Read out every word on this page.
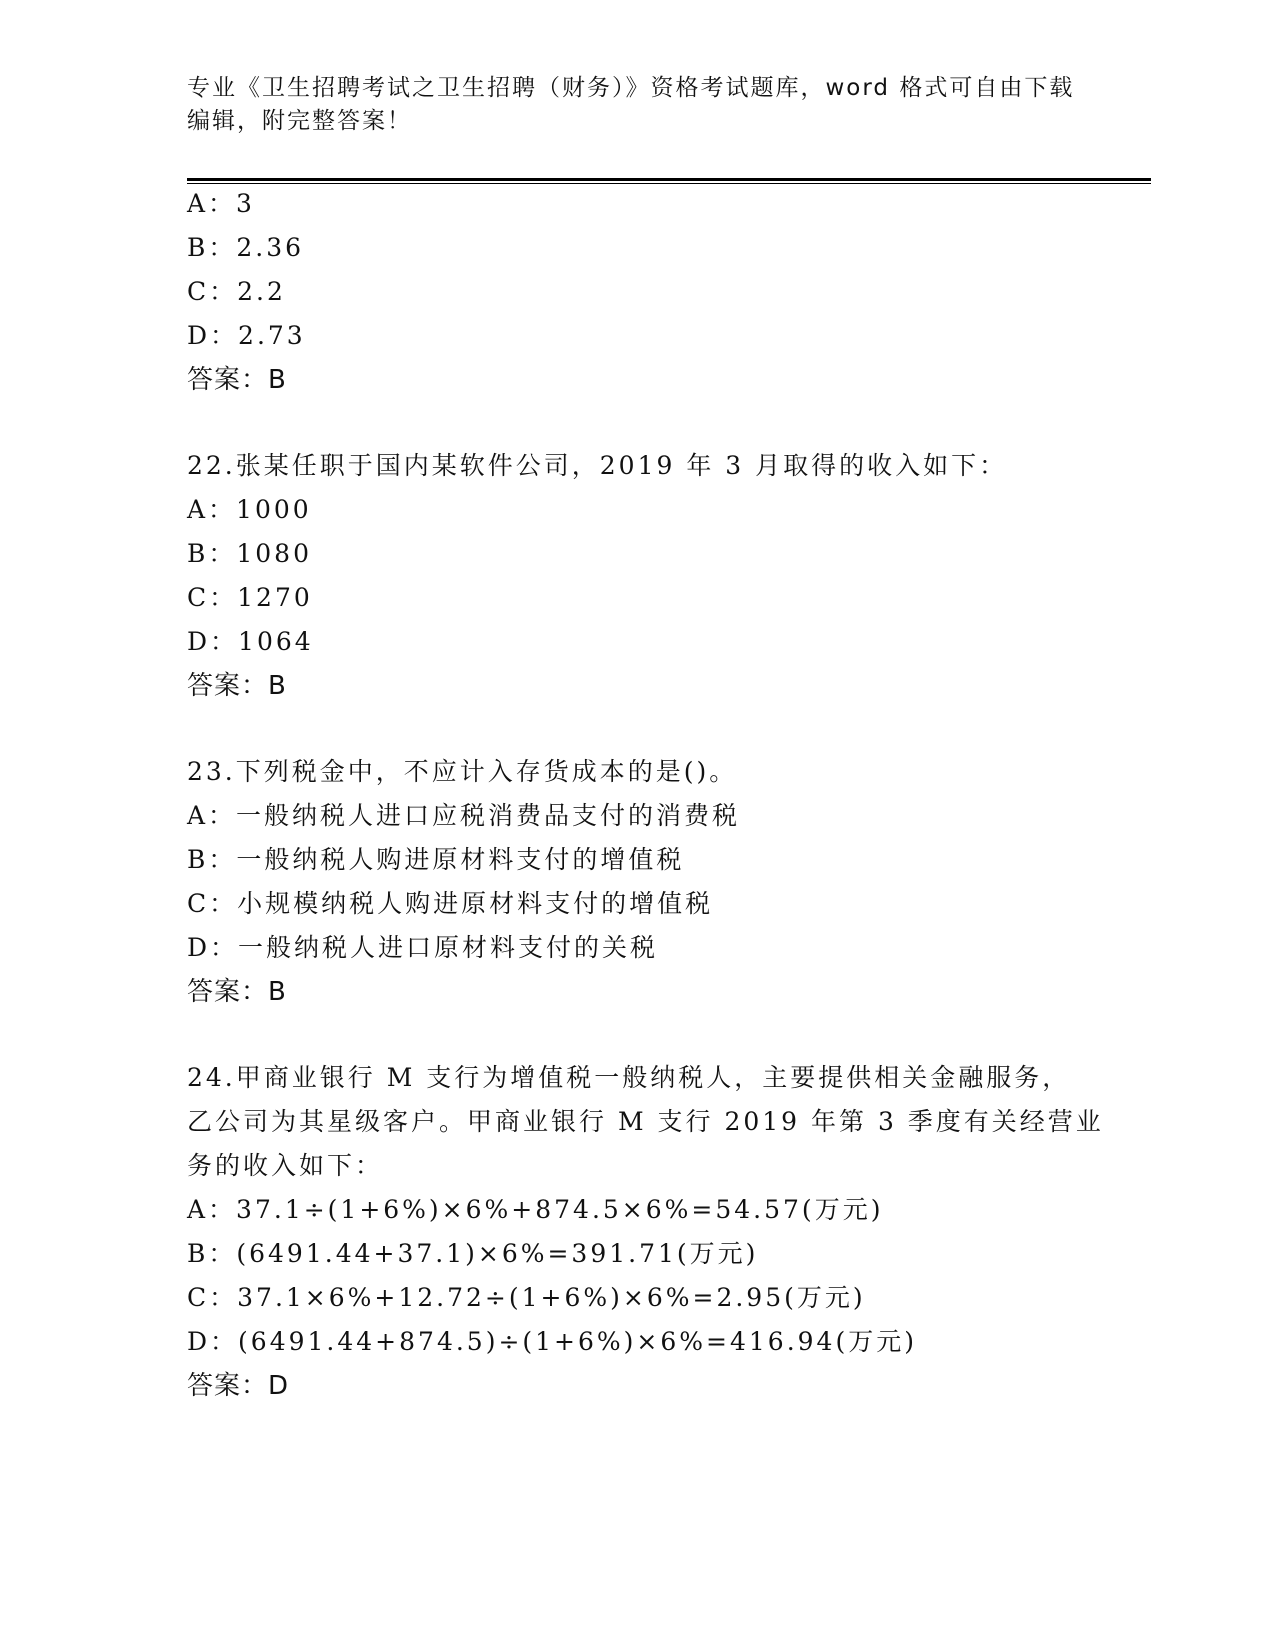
专业《卫生招聘考试之卫生招聘（财务）》资格考试题库，word 格式可自由下载
编辑，附完整答案！
A：3
B：2.36
C：2.2
D：2.73
答案：B
22.张某任职于国内某软件公司，2019 年 3 月取得的收入如下：
A：1000
B：1080
C：1270
D：1064
答案：B
23.下列税金中，不应计入存货成本的是()。
A：一般纳税人进口应税消费品支付的消费税
B：一般纳税人购进原材料支付的增值税
C：小规模纳税人购进原材料支付的增值税
D：一般纳税人进口原材料支付的关税
答案：B
24.甲商业银行 M 支行为增值税一般纳税人，主要提供相关金融服务，
乙公司为其星级客户。甲商业银行 M 支行 2019 年第 3 季度有关经营业
务的收入如下：
A：37.1÷(1+6%)×6%+874.5×6%=54.57(万元)
B：(6491.44+37.1)×6%=391.71(万元)
C：37.1×6%+12.72÷(1+6%)×6%=2.95(万元)
D：(6491.44+874.5)÷(1+6%)×6%=416.94(万元)
答案：D
